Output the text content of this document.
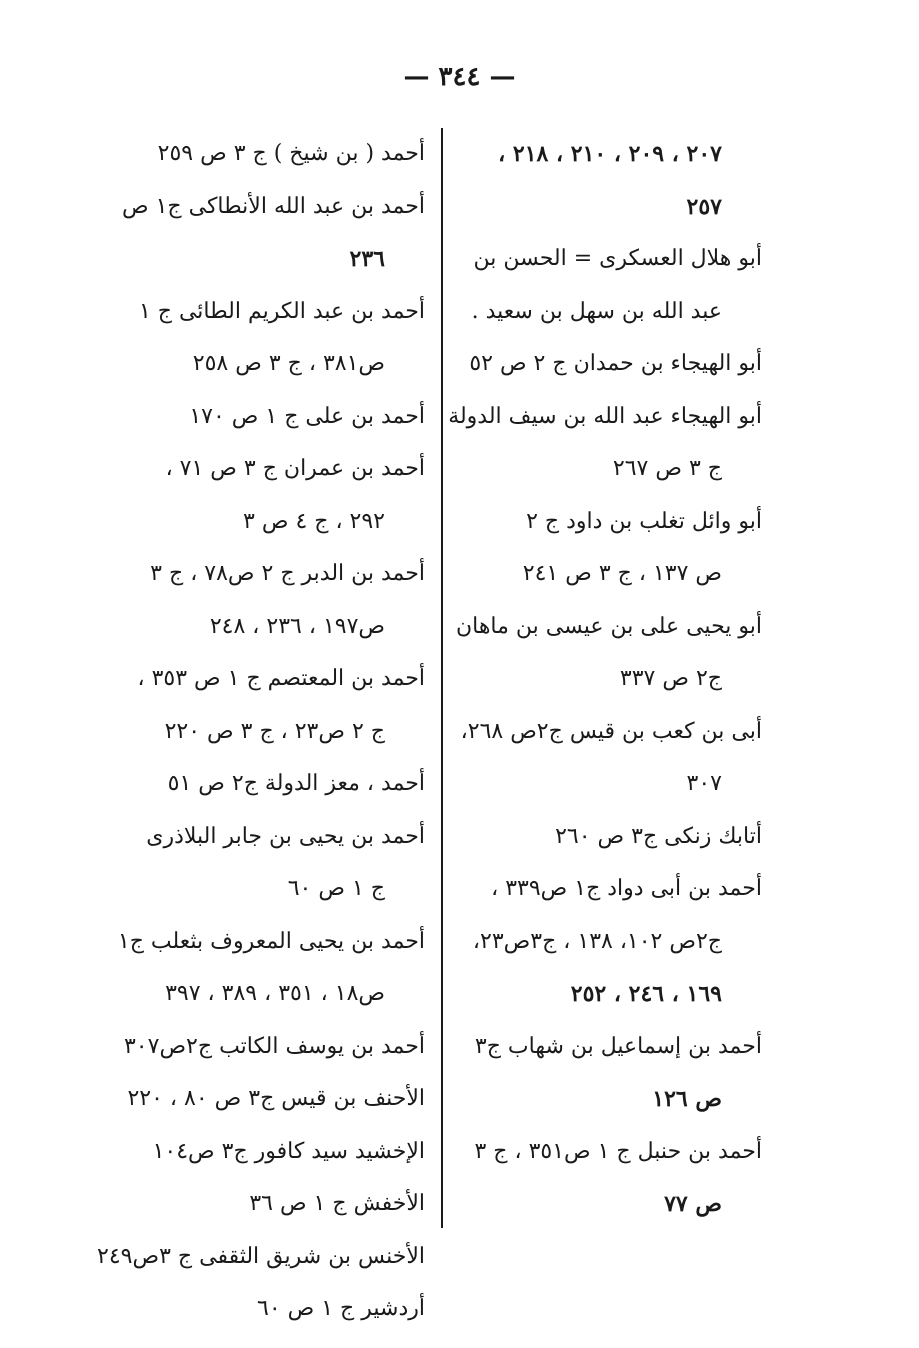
— ٣٤٤ —
٢٠٧ ، ٢٠٩ ، ٢١٠ ، ٢١٨ ،
٢٥٧
أبو هلال العسكرى = الحسن بن
عبد الله بن سهل بن سعيد .
أبو الهيجاء بن حمدان ج ٢ ص ٥٢
أبو الهيجاء عبد الله بن سيف الدولة
ج ٣ ص ٢٦٧
أبو وائل تغلب بن داود ج ٢
ص ١٣٧ ، ج ٣ ص ٢٤١
أبو يحيى على بن عيسى بن ماهان
ج٢ ص ٣٣٧
أبى بن كعب بن قيس ج٢ص ٢٦٨،
٣٠٧
أتابك زنكى ج٣ ص ٢٦٠
أحمد بن أبى دواد ج١ ص٣٣٩ ،
ج٢ص ١٠٢، ١٣٨ ، ج٣ص٢٣،
١٦٩ ، ٢٤٦ ، ٢٥٢
أحمد بن إسماعيل بن شهاب ج٣
ص ١٢٦
أحمد بن حنبل ج ١ ص٣٥١ ، ج ٣
ص ٧٧
أحمد ( بن شيخ ) ج ٣ ص ٢٥٩
أحمد بن عبد الله الأنطاكى ج١ ص
٢٣٦
أحمد بن عبد الكريم الطائى ج ١
ص٣٨١ ، ج ٣ ص ٢٥٨
أحمد بن على ج ١ ص ١٧٠
أحمد بن عمران ج ٣ ص ٧١ ،
٢٩٢ ، ج ٤ ص ٣
أحمد بن الدبر ج ٢ ص٧٨ ، ج ٣
ص١٩٧ ، ٢٣٦ ، ٢٤٨
أحمد بن المعتصم ج ١ ص ٣٥٣ ،
ج ٢ ص٢٣ ، ج ٣ ص ٢٢٠
أحمد ، معز الدولة ج٢ ص ٥١
أحمد بن يحيى بن جابر البلاذرى
ج ١ ص ٦٠
أحمد بن يحيى المعروف بثعلب ج١
ص١٨ ، ٣٥١ ، ٣٨٩ ، ٣٩٧
أحمد بن يوسف الكاتب ج٢ص٣٠٧
الأحنف بن قيس ج٣ ص ٨٠ ، ٢٢٠
الإخشيد سيد كافور ج٣ ص١٠٤
الأخفش ج ١ ص ٣٦
الأخنس بن شريق الثقفى ج ٣ص٢٤٩
أردشير ج ١ ص ٦٠
